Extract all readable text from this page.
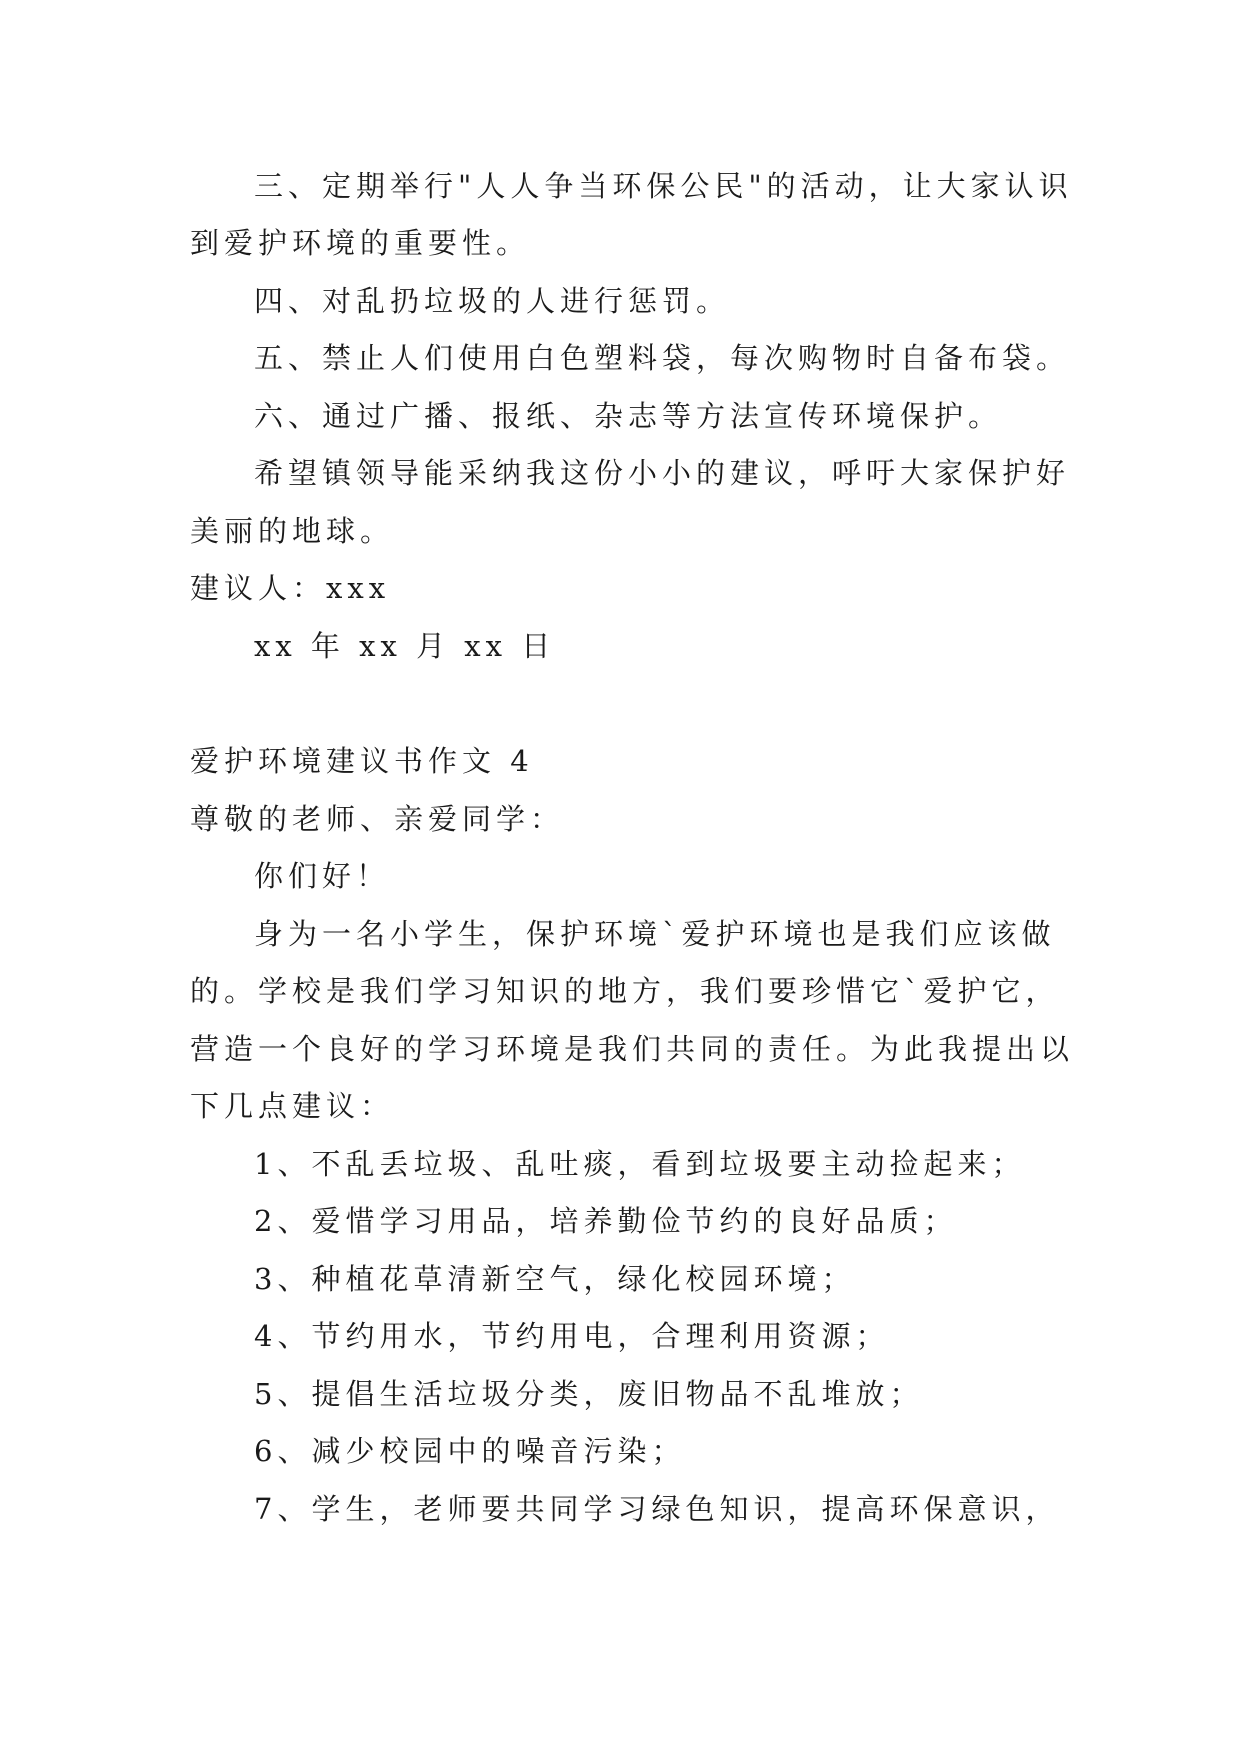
三、定期举行"人人争当环保公民"的活动，让大家认识
到爱护环境的重要性。
四、对乱扔垃圾的人进行惩罚。
五、禁止人们使用白色塑料袋，每次购物时自备布袋。
六、通过广播、报纸、杂志等方法宣传环境保护。
希望镇领导能采纳我这份小小的建议，呼吁大家保护好
美丽的地球。
建议人：xxx
xx 年 xx 月 xx 日
爱护环境建议书作文 4
尊敬的老师、亲爱同学：
你们好！
身为一名小学生，保护环境`爱护环境也是我们应该做
的。学校是我们学习知识的地方，我们要珍惜它`爱护它，
营造一个良好的学习环境是我们共同的责任。为此我提出以
下几点建议：
1、不乱丢垃圾、乱吐痰，看到垃圾要主动捡起来；
2、爱惜学习用品，培养勤俭节约的良好品质；
3、种植花草清新空气，绿化校园环境；
4、节约用水，节约用电，合理利用资源；
5、提倡生活垃圾分类，废旧物品不乱堆放；
6、减少校园中的噪音污染；
7、学生，老师要共同学习绿色知识，提高环保意识，
